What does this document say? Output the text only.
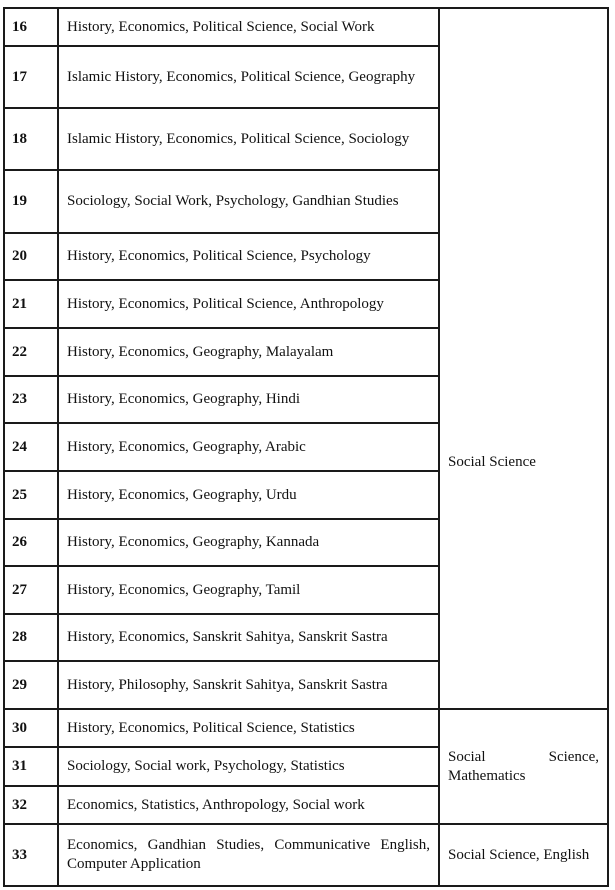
16	History, Economics, Political Science, Social Work	Social Science
17	Islamic History, Economics, Political Science, Geography	
18	Islamic History, Economics, Political Science, Sociology	
19	Sociology, Social Work, Psychology, Gandhian Studies	
20	History, Economics, Political Science, Psychology	
21	History, Economics, Political Science, Anthropology	
22	History, Economics, Geography, Malayalam	
23	History, Economics, Geography, Hindi	
24	History, Economics, Geography, Arabic	
25	History, Economics, Geography, Urdu	
26	History, Economics, Geography, Kannada	
27	History, Economics, Geography, Tamil	
28	History, Economics, Sanskrit Sahitya, Sanskrit Sastra	
29	History, Philosophy, Sanskrit Sahitya, Sanskrit Sastra	
30	History, Economics, Political Science, Statistics	Social Science, Mathematics
31	Sociology, Social work, Psychology, Statistics	
32	Economics, Statistics, Anthropology, Social work	
33	Economics, Gandhian Studies, Communicative English, Computer Application	Social Science, English
